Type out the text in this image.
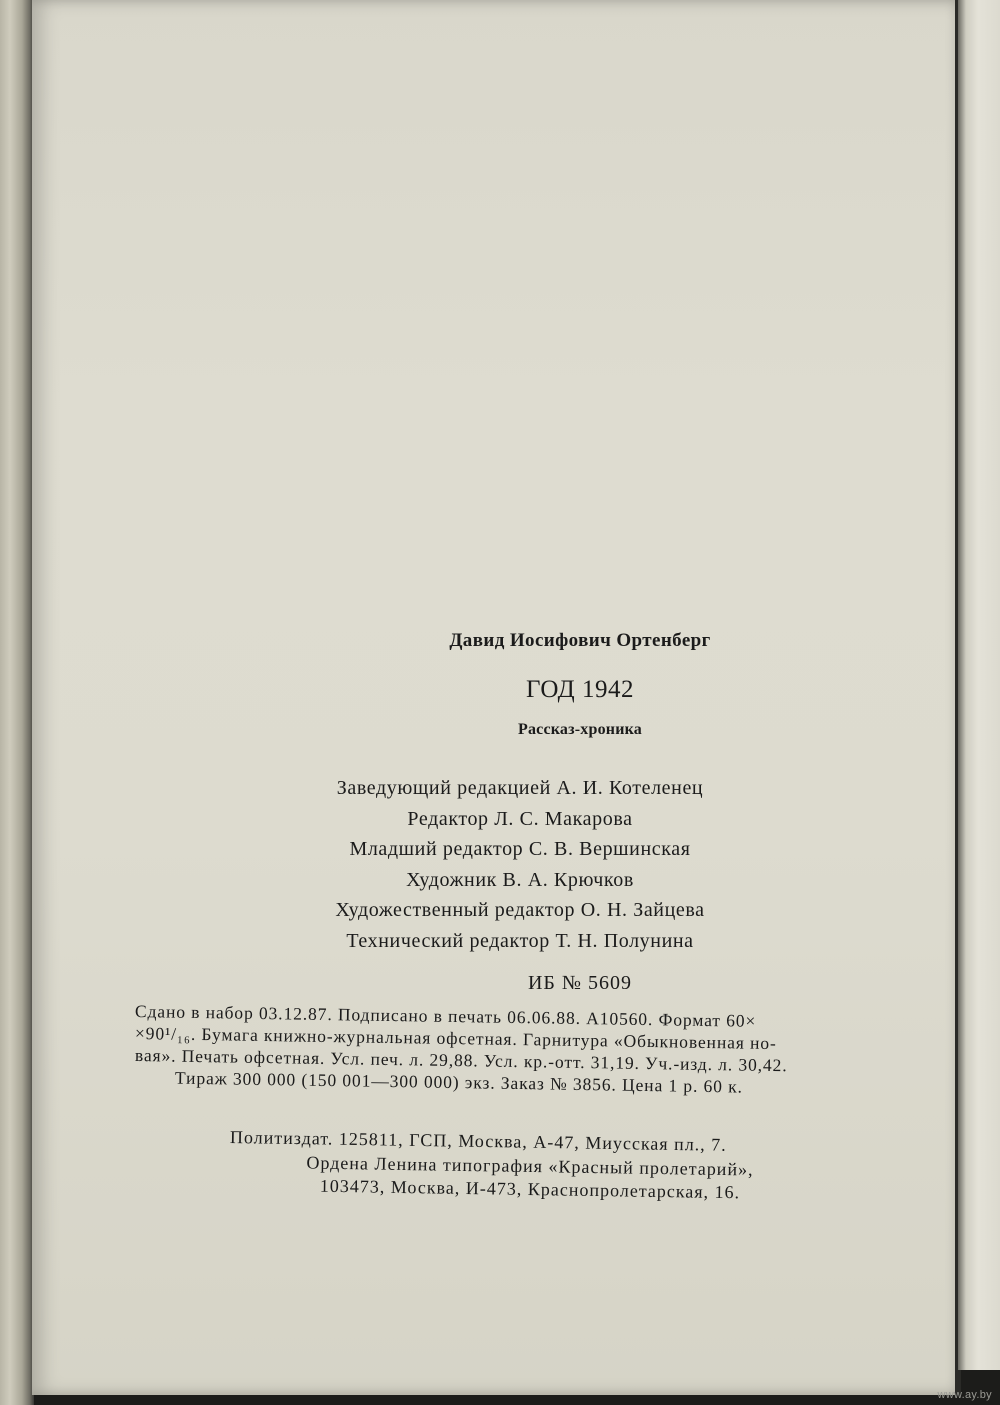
Давид Иосифович Ортенберг

ГОД 1942

Рассказ-хроника

Заведующий редакцией А. И. Котеленец
Редактор Л. С. Макарова
Младший редактор С. В. Вершинская
Художник В. А. Крючков
Художественный редактор О. Н. Зайцева
Технический редактор Т. Н. Полунина

ИБ № 5609

Сдано в набор 03.12.87. Подписано в печать 06.06.88. А10560. Формат 60×
×90¹/₁₆. Бумага книжно-журнальная офсетная. Гарнитура «Обыкновенная но-
вая». Печать офсетная. Усл. печ. л. 29,88. Усл. кр.-отт. 31,19. Уч.-изд. л. 30,42.
Тираж 300 000 (150 001—300 000) экз. Заказ № 3856. Цена 1 р. 60 к.

Политиздат. 125811, ГСП, Москва, А-47, Миусская пл., 7.

Ордена Ленина типография «Красный пролетарий»,
103473, Москва, И-473, Краснопролетарская, 16.
www.ay.by
